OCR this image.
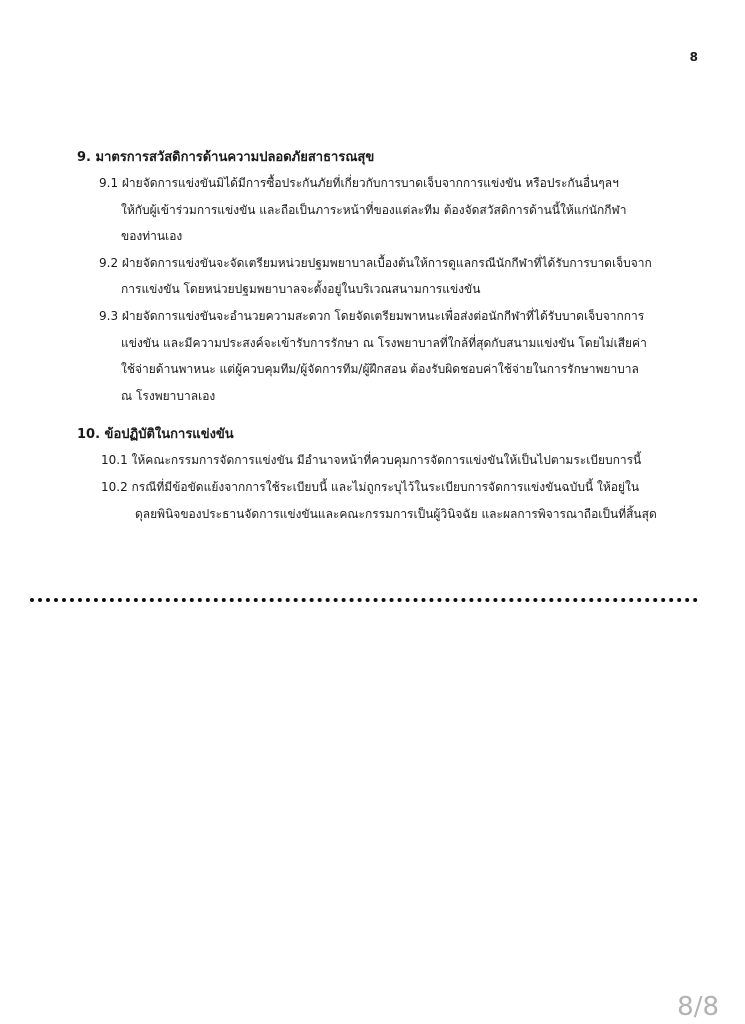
8
9. มาตรการสวัสดิการด้านความปลอดภัยสาธารณสุข
9.1 ฝ่ายจัดการแข่งขันมิได้มีการซื้อประกันภัยที่เกี่ยวกับการบาดเจ็บจากการแข่งขัน หรือประกันอื่นๆลฯ
ให้กับผู้เข้าร่วมการแข่งขัน และถือเป็นภาระหน้าที่ของแต่ละทีม ต้องจัดสวัสดิการด้านนี้ให้แก่นักกีฬา
ของท่านเอง
9.2 ฝ่ายจัดการแข่งขันจะจัดเตรียมหน่วยปฐมพยาบาลเบื้องต้นให้การดูแลกรณีนักกีฬาที่ได้รับการบาดเจ็บจาก
การแข่งขัน โดยหน่วยปฐมพยาบาลจะตั้งอยู่ในบริเวณสนามการแข่งขัน
9.3 ฝ่ายจัดการแข่งขันจะอำนวยความสะดวก โดยจัดเตรียมพาหนะเพื่อส่งต่อนักกีฬาที่ได้รับบาดเจ็บจากการ
แข่งขัน และมีความประสงค์จะเข้ารับการรักษา ณ โรงพยาบาลที่ใกล้ที่สุดกับสนามแข่งขัน โดยไม่เสียค่า
ใช้จ่ายด้านพาหนะ แต่ผู้ควบคุมทีม/ผู้จัดการทีม/ผู้ฝึกสอน ต้องรับผิดชอบค่าใช้จ่ายในการรักษาพยาบาล
ณ โรงพยาบาลเอง
10. ข้อปฏิบัติในการแข่งขัน
10.1 ให้คณะกรรมการจัดการแข่งขัน มีอำนาจหน้าที่ควบคุมการจัดการแข่งขันให้เป็นไปตามระเบียบการนี้
10.2 กรณีที่มีข้อขัดแย้งจากการใช้ระเบียบนี้ และไม่ถูกระบุไว้ในระเบียบการจัดการแข่งขันฉบับนี้ ให้อยู่ใน
ดุลยพินิจของประธานจัดการแข่งขันและคณะกรรมการเป็นผู้วินิจฉัย และผลการพิจารณาถือเป็นที่สิ้นสุด
8/8
